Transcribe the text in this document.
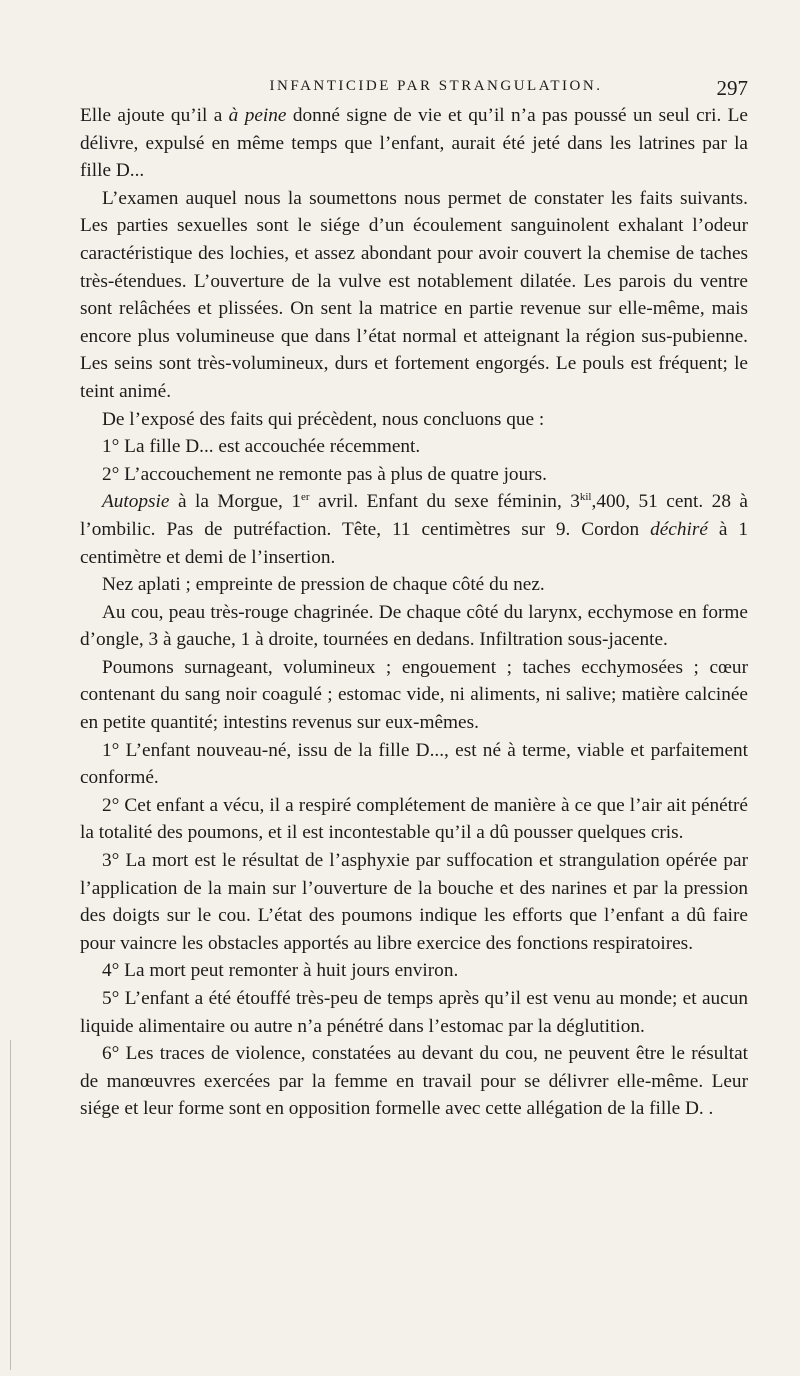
INFANTICIDE PAR STRANGULATION.	297

Elle ajoute qu’il a à peine donné signe de vie et qu’il n’a pas poussé un seul cri. Le délivre, expulsé en même temps que l’enfant, aurait été jeté dans les latrines par la fille D...

L’examen auquel nous la soumettons nous permet de constater les faits suivants. Les parties sexuelles sont le siége d’un écoulement sanguinolent exhalant l’odeur caractéristique des lochies, et assez abondant pour avoir couvert la chemise de taches très-étendues. L’ouverture de la vulve est notablement dilatée. Les parois du ventre sont relâchées et plissées. On sent la matrice en partie revenue sur elle-même, mais encore plus volumineuse que dans l’état normal et atteignant la région sus-pubienne. Les seins sont très-volumineux, durs et fortement engorgés. Le pouls est fréquent; le teint animé.

De l’exposé des faits qui précèdent, nous concluons que :

1° La fille D... est accouchée récemment.

2° L’accouchement ne remonte pas à plus de quatre jours.

Autopsie à la Morgue, 1er avril. Enfant du sexe féminin, $3^{kil},400$, 51 cent. 28 à l’ombilic. Pas de putréfaction. Tête, 11 centimètres sur 9. Cordon déchiré à 1 centimètre et demi de l’insertion.

Nez aplati ; empreinte de pression de chaque côté du nez.

Au cou, peau très-rouge chagrinée. De chaque côté du larynx, ecchymose en forme d’ongle, 3 à gauche, 1 à droite, tournées en dedans. Infiltration sous-jacente.

Poumons surnageant, volumineux ; engouement ; taches ecchymosées ; cœur contenant du sang noir coagulé ; estomac vide, ni aliments, ni salive; matière calcinée en petite quantité; intestins revenus sur eux-mêmes.

1° L’enfant nouveau-né, issu de la fille D..., est né à terme, viable et parfaitement conformé.

2° Cet enfant a vécu, il a respiré complétement de manière à ce que l’air ait pénétré la totalité des poumons, et il est incontestable qu’il a dû pousser quelques cris.

3° La mort est le résultat de l’asphyxie par suffocation et strangulation opérée par l’application de la main sur l’ouverture de la bouche et des narines et par la pression des doigts sur le cou. L’état des poumons indique les efforts que l’enfant a dû faire pour vaincre les obstacles apportés au libre exercice des fonctions respiratoires.

4° La mort peut remonter à huit jours environ.

5° L’enfant a été étouffé très-peu de temps après qu’il est venu au monde; et aucun liquide alimentaire ou autre n’a pénétré dans l’estomac par la déglutition.

6° Les traces de violence, constatées au devant du cou, ne peuvent être le résultat de manœuvres exercées par la femme en travail pour se délivrer elle-même. Leur siége et leur forme sont en opposition formelle avec cette allégation de la fille D. .
